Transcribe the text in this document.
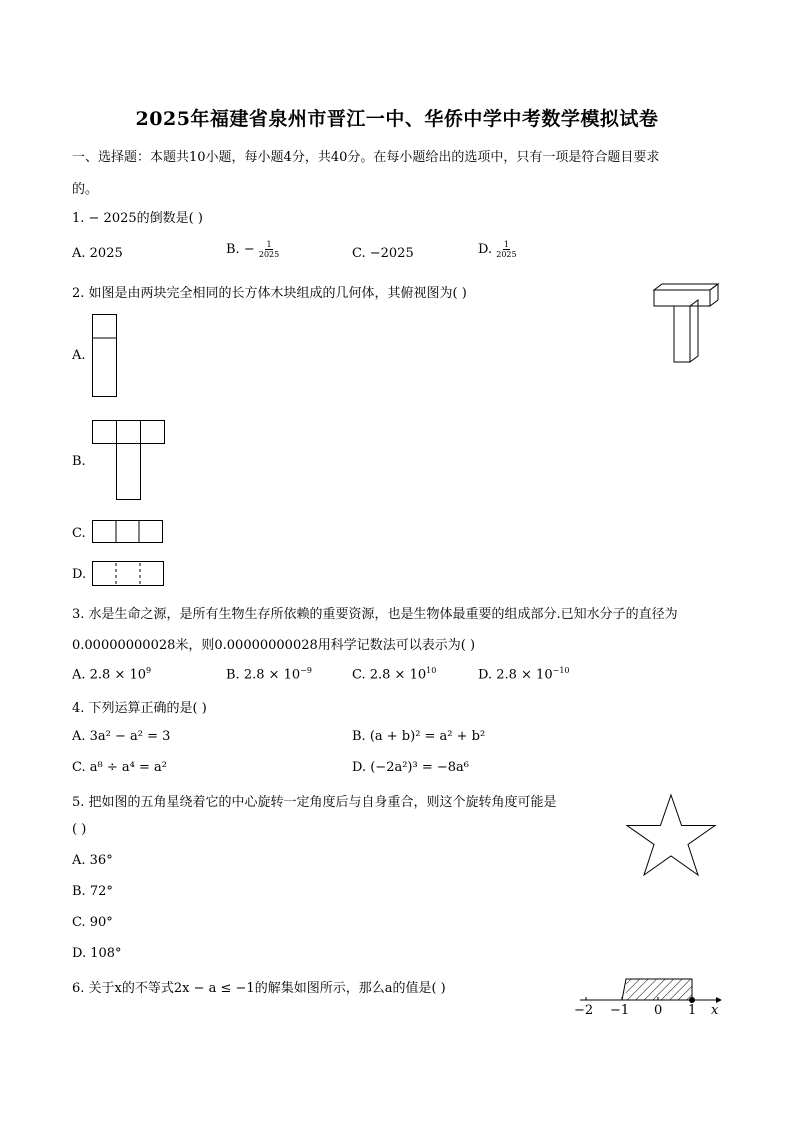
2025年福建省泉州市晋江一中、华侨中学中考数学模拟试卷
一、选择题：本题共10小题，每小题4分，共40分。在每小题给出的选项中，只有一项是符合题目要求
的。
1. − 2025的倒数是( )
A. 2025	B. − $\frac{1}{2025}$	C. −2025	D. $\frac{1}{2025}$
2. 如图是由两块完全相同的长方体木块组成的几何体，其俯视图为( )
A.
B.
C.
D.
3. 水是生命之源，是所有生物生存所依赖的重要资源，也是生物体最重要的组成部分.已知水分子的直径为
0.00000000028米，则0.00000000028用科学记数法可以表示为( )
A. $2.8 \times 10^9$	B. $2.8 \times 10^{-9}$	C. $2.8 \times 10^{10}$	D. $2.8 \times 10^{-10}$
4. 下列运算正确的是( )
A. 3a² − a² = 3	B. (a + b)² = a² + b²
C. a⁸ ÷ a⁴ = a²	D. (−2a²)³ = −8a⁶
5. 把如图的五角星绕着它的中心旋转一定角度后与自身重合，则这个旋转角度可能是
( )
A. 36°
B. 72°
C. 90°
D. 108°
6. 关于x的不等式2x − a ≤ −1的解集如图所示，那么a的值是( )
−2 −1 0 1 x
